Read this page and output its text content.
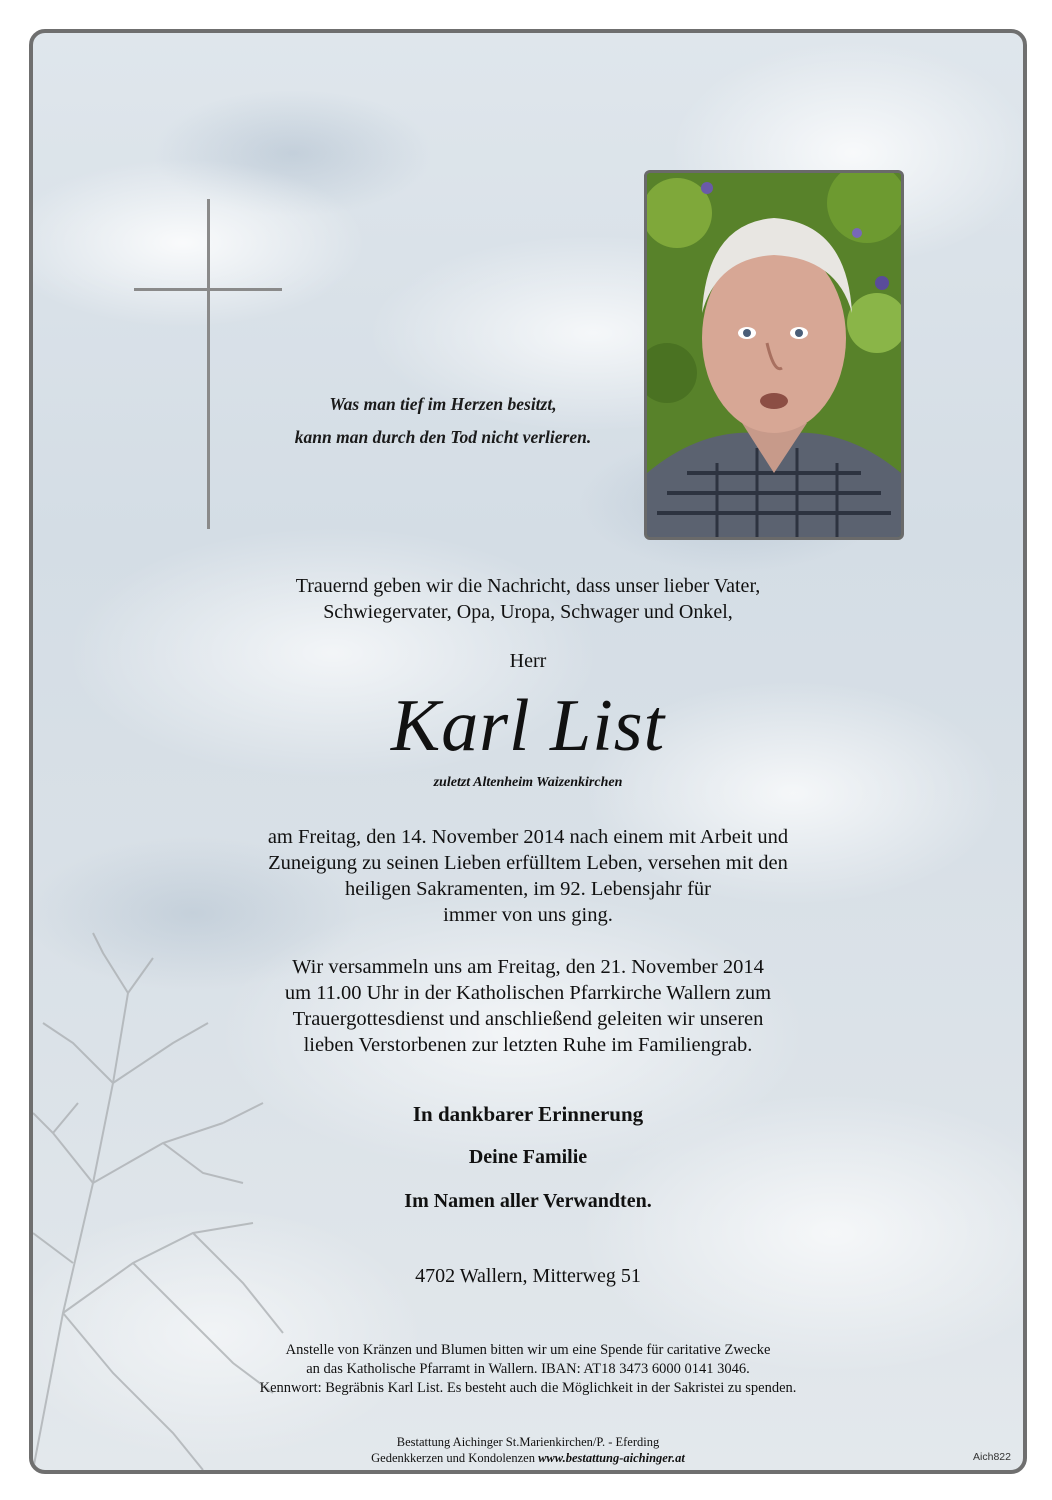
Was man tief im Herzen besitzt,
kann man durch den Tod nicht verlieren.
Trauernd geben wir die Nachricht, dass unser lieber Vater,
Schwiegervater, Opa, Uropa, Schwager und Onkel,
Herr
Karl List
zuletzt Altenheim Waizenkirchen
am Freitag, den 14. November 2014 nach einem mit Arbeit und
Zuneigung zu seinen Lieben erfülltem Leben, versehen mit den
heiligen Sakramenten, im 92. Lebensjahr für
immer von uns ging.
Wir versammeln uns am Freitag, den 21. November 2014
um 11.00 Uhr in der Katholischen Pfarrkirche Wallern zum
Trauergottesdienst und anschließend geleiten wir unseren
lieben Verstorbenen zur letzten Ruhe im Familiengrab.
In dankbarer Erinnerung
Deine Familie
Im Namen aller Verwandten.
4702 Wallern, Mitterweg 51
Anstelle von Kränzen und Blumen bitten wir um eine Spende für caritative Zwecke
an das Katholische Pfarramt in Wallern. IBAN: AT18 3473 6000 0141 3046.
Kennwort: Begräbnis Karl List. Es besteht auch die Möglichkeit in der Sakristei zu spenden.
Bestattung Aichinger St.Marienkirchen/P. - Eferding
Gedenkkerzen und Kondolenzen www.bestattung-aichinger.at	Aich822
